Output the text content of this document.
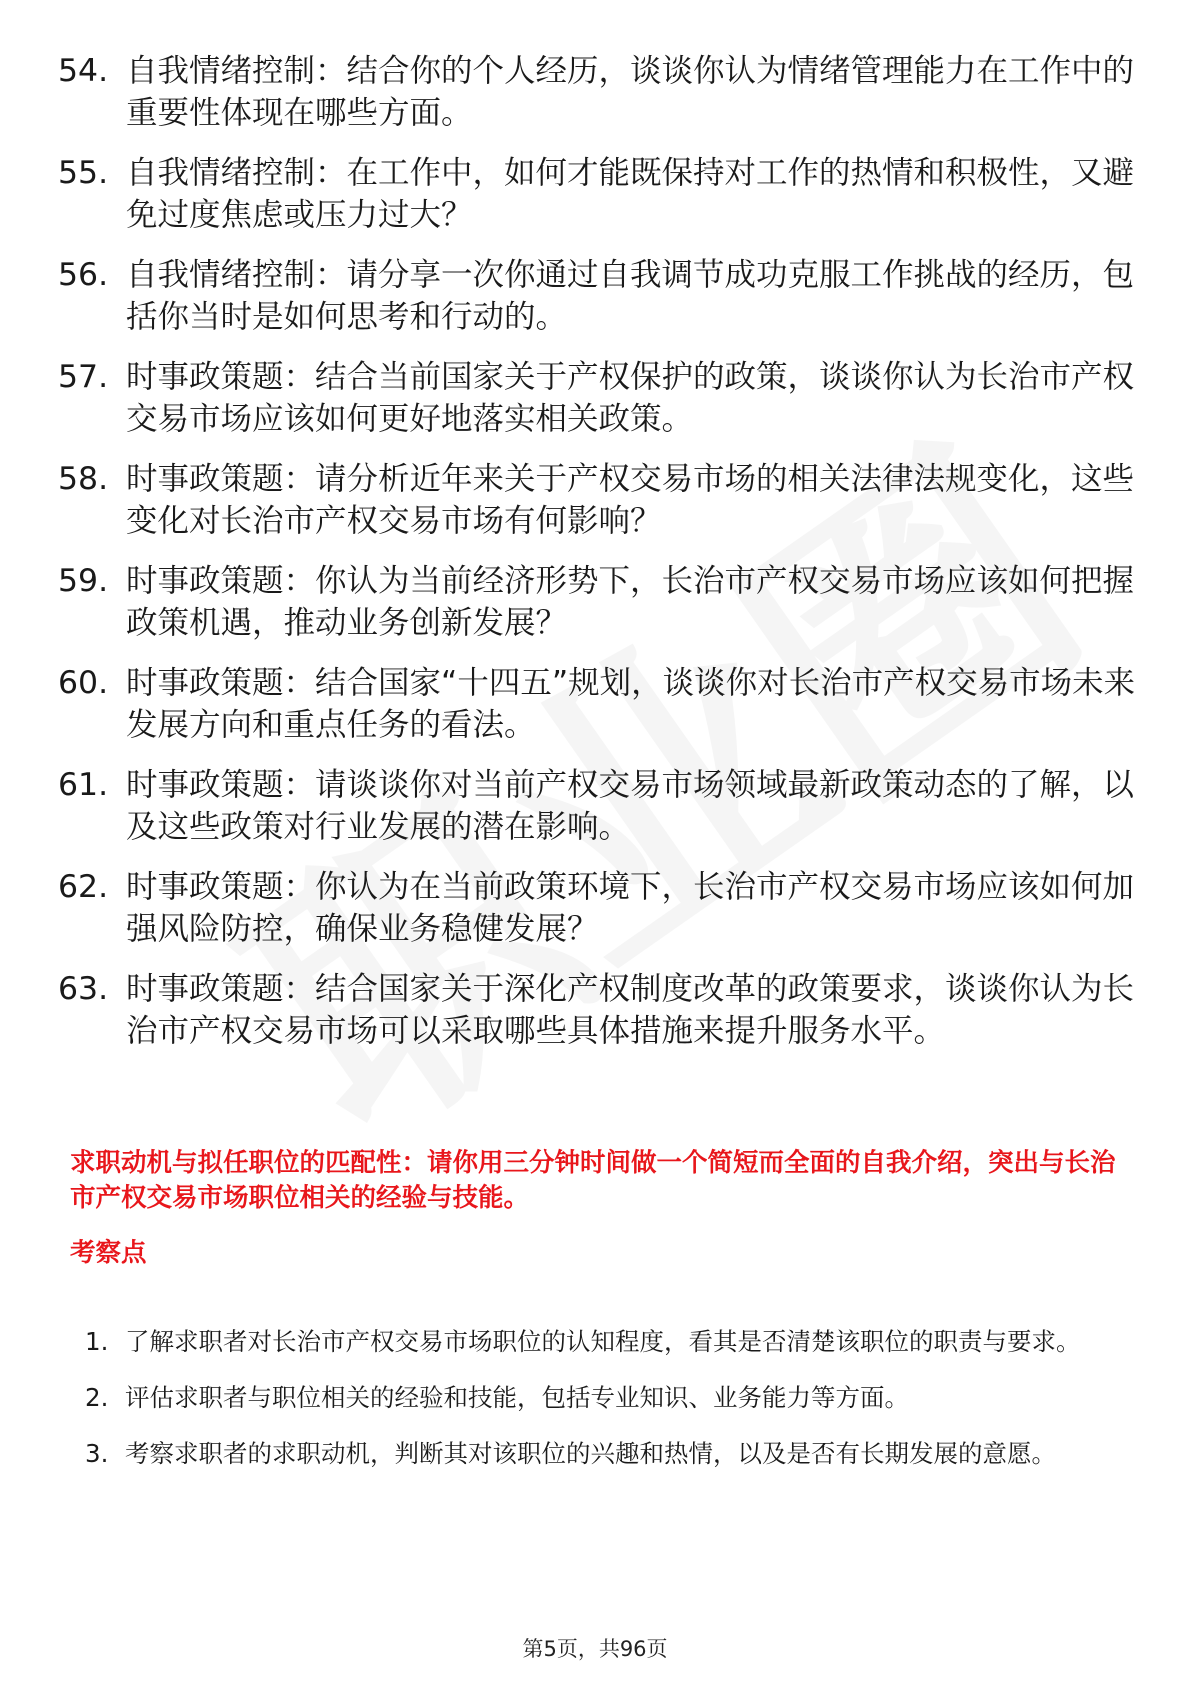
54. 自我情绪控制：结合你的个人经历，谈谈你认为情绪管理能力在工作中的重要性体现在哪些方面。
55. 自我情绪控制：在工作中，如何才能既保持对工作的热情和积极性，又避免过度焦虑或压力过大？
56. 自我情绪控制：请分享一次你通过自我调节成功克服工作挑战的经历，包括你当时是如何思考和行动的。
57. 时事政策题：结合当前国家关于产权保护的政策，谈谈你认为长治市产权交易市场应该如何更好地落实相关政策。
58. 时事政策题：请分析近年来关于产权交易市场的相关法律法规变化，这些变化对长治市产权交易市场有何影响？
59. 时事政策题：你认为当前经济形势下，长治市产权交易市场应该如何把握政策机遇，推动业务创新发展？
60. 时事政策题：结合国家“十四五”规划，谈谈你对长治市产权交易市场未来发展方向和重点任务的看法。
61. 时事政策题：请谈谈你对当前产权交易市场领域最新政策动态的了解，以及这些政策对行业发展的潜在影响。
62. 时事政策题：你认为在当前政策环境下，长治市产权交易市场应该如何加强风险防控，确保业务稳健发展？
63. 时事政策题：结合国家关于深化产权制度改革的政策要求，谈谈你认为长治市产权交易市场可以采取哪些具体措施来提升服务水平。
求职动机与拟任职位的匹配性：请你用三分钟时间做一个简短而全面的自我介绍，突出与长治市产权交易市场职位相关的经验与技能。
考察点
1. 了解求职者对长治市产权交易市场职位的认知程度，看其是否清楚该职位的职责与要求。
2. 评估求职者与职位相关的经验和技能，包括专业知识、业务能力等方面。
3. 考察求职者的求职动机，判断其对该职位的兴趣和热情，以及是否有长期发展的意愿。
第5页，共96页
